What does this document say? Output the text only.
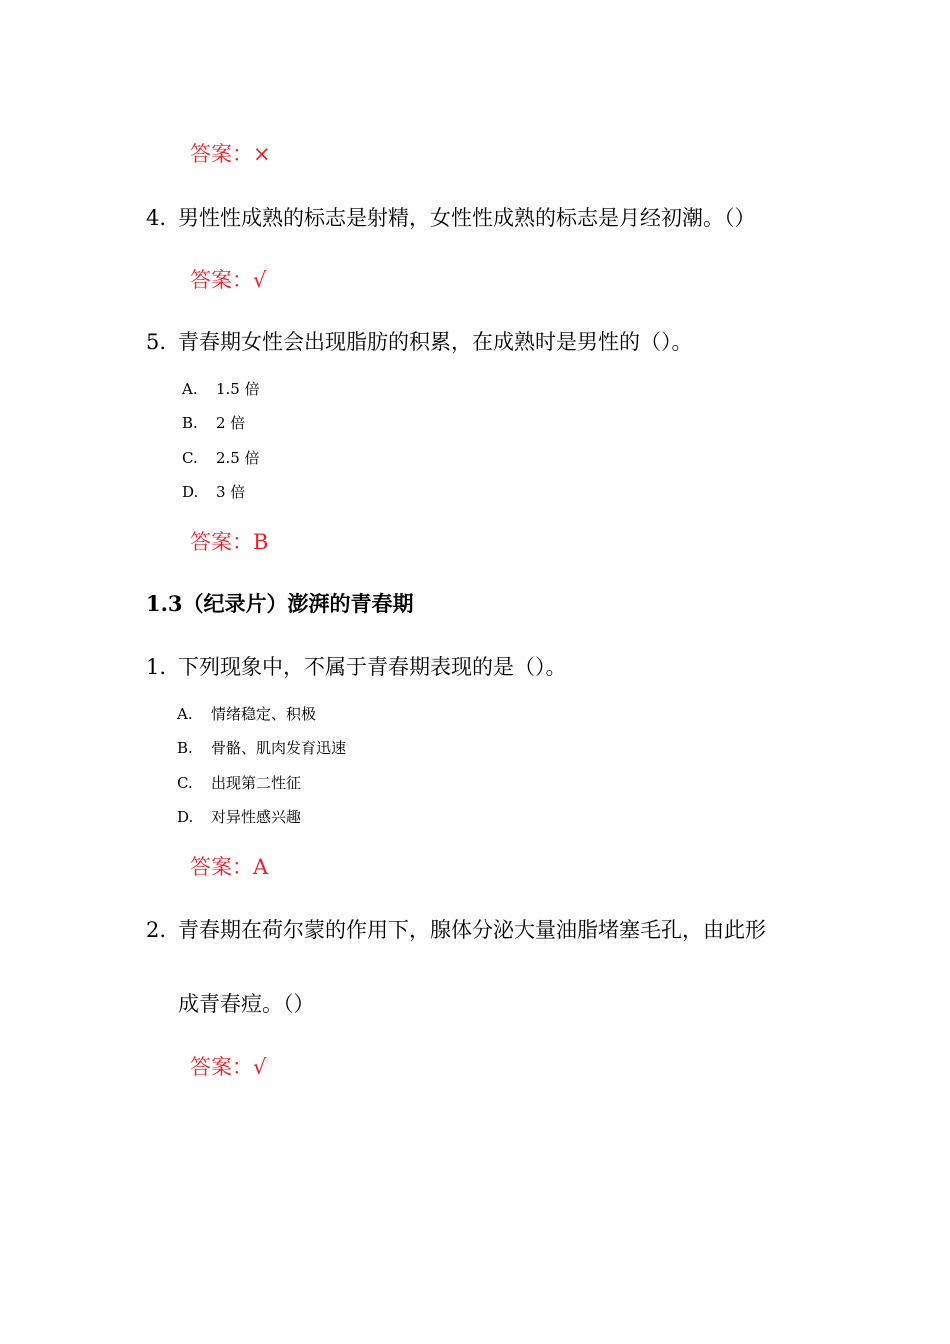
答案：×
4. 男性性成熟的标志是射精，女性性成熟的标志是月经初潮。（）
答案：√
5. 青春期女性会出现脂肪的积累，在成熟时是男性的（）。
A. 1.5 倍
B. 2 倍
C. 2.5 倍
D. 3 倍
答案：B
1.3（纪录片）澎湃的青春期
1. 下列现象中，不属于青春期表现的是（）。
A. 情绪稳定、积极
B. 骨骼、肌肉发育迅速
C. 出现第二性征
D. 对异性感兴趣
答案：A
2. 青春期在荷尔蒙的作用下，腺体分泌大量油脂堵塞毛孔，由此形
成青春痘。（）
答案：√
